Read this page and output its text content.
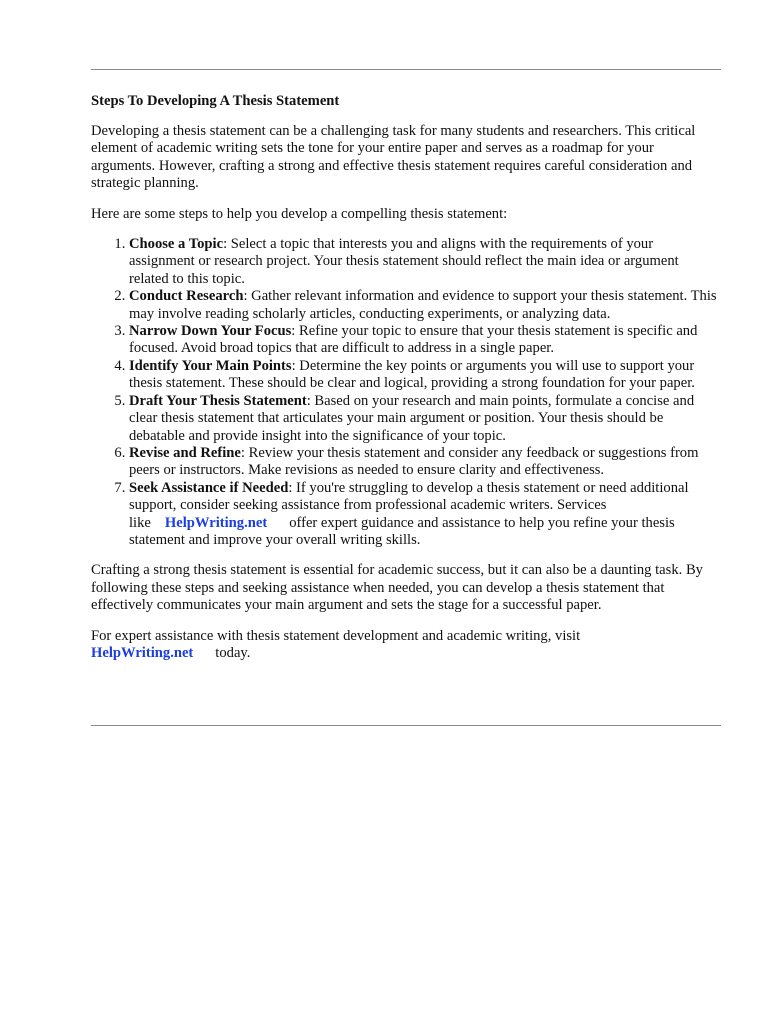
Steps To Developing A Thesis Statement

Developing a thesis statement can be a challenging task for many students and researchers. This critical element of academic writing sets the tone for your entire paper and serves as a roadmap for your arguments. However, crafting a strong and effective thesis statement requires careful consideration and strategic planning.

Here are some steps to help you develop a compelling thesis statement:

1. Choose a Topic: Select a topic that interests you and aligns with the requirements of your assignment or research project. Your thesis statement should reflect the main idea or argument related to this topic.
2. Conduct Research: Gather relevant information and evidence to support your thesis statement. This may involve reading scholarly articles, conducting experiments, or analyzing data.
3. Narrow Down Your Focus: Refine your topic to ensure that your thesis statement is specific and focused. Avoid broad topics that are difficult to address in a single paper.
4. Identify Your Main Points: Determine the key points or arguments you will use to support your thesis statement. These should be clear and logical, providing a strong foundation for your paper.
5. Draft Your Thesis Statement: Based on your research and main points, formulate a concise and clear thesis statement that articulates your main argument or position. Your thesis should be debatable and provide insight into the significance of your topic.
6. Revise and Refine: Review your thesis statement and consider any feedback or suggestions from peers or instructors. Make revisions as needed to ensure clarity and effectiveness.
7. Seek Assistance if Needed: If you're struggling to develop a thesis statement or need additional support, consider seeking assistance from professional academic writers. Services like HelpWriting.net offer expert guidance and assistance to help you refine your thesis statement and improve your overall writing skills.

Crafting a strong thesis statement is essential for academic success, but it can also be a daunting task. By following these steps and seeking assistance when needed, you can develop a thesis statement that effectively communicates your main argument and sets the stage for a successful paper.

For expert assistance with thesis statement development and academic writing, visit
HelpWriting.net today.
